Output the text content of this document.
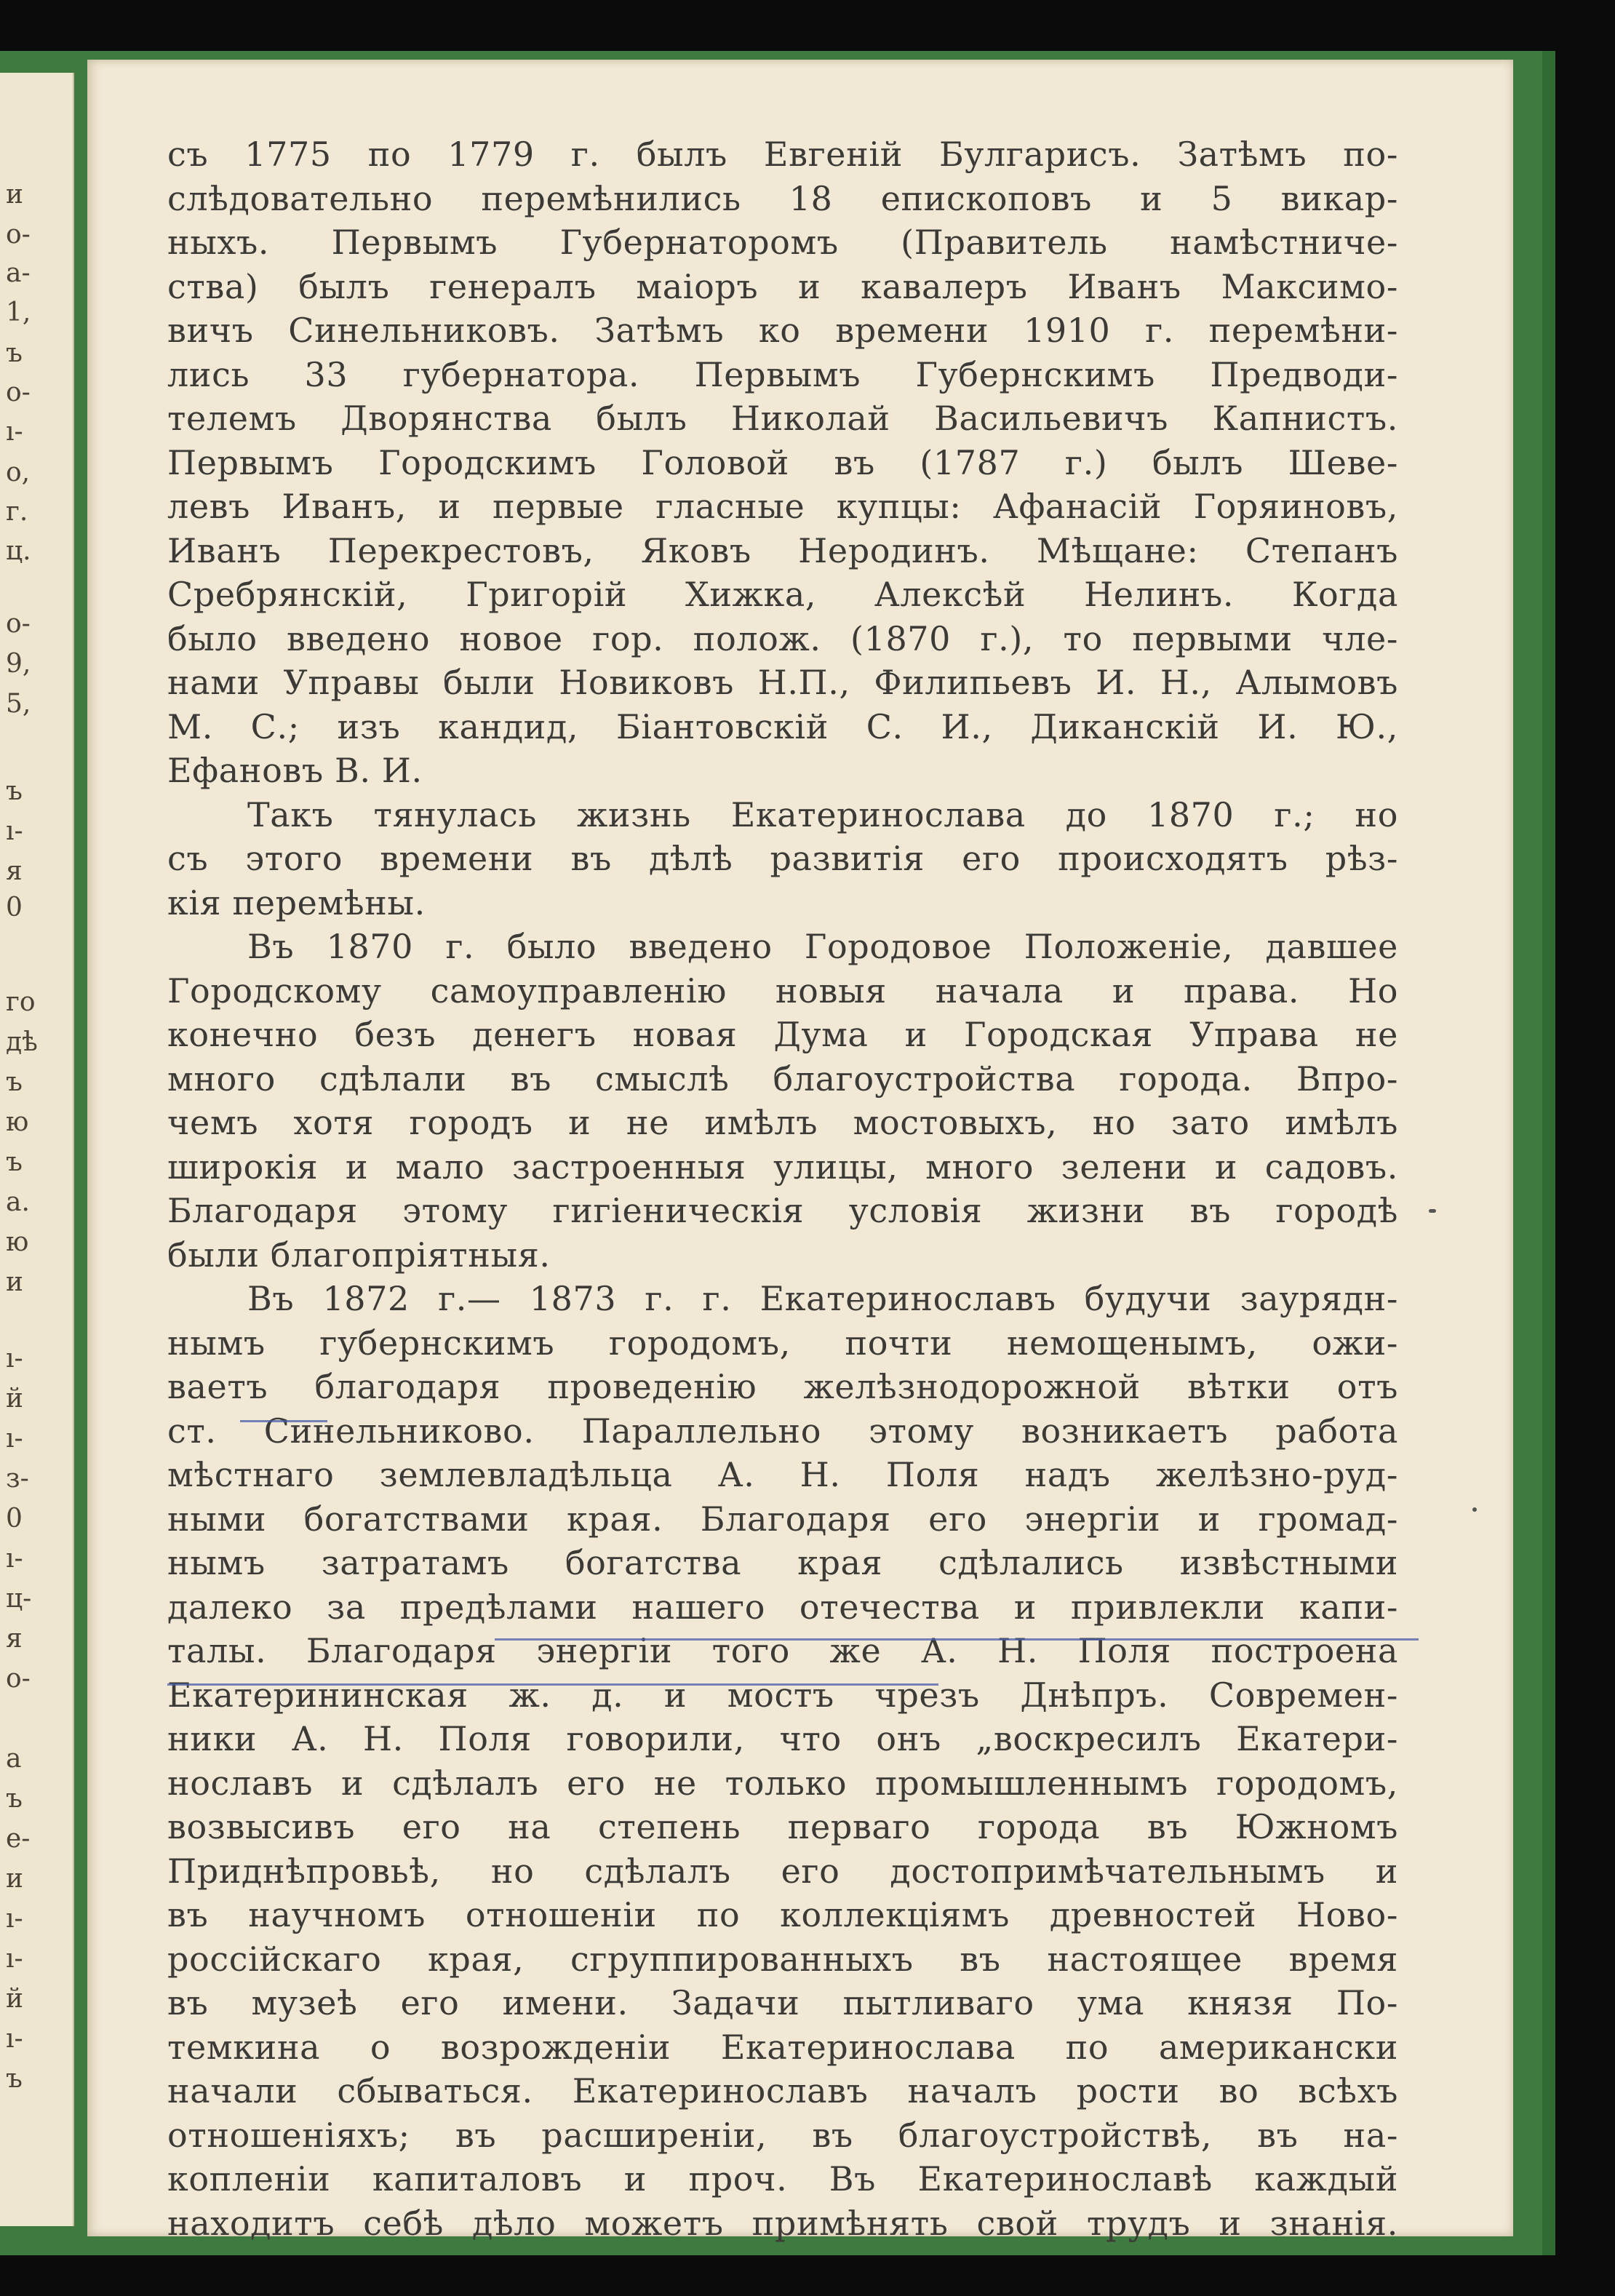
и
о-
а-
1,
ъ
о-
ı-
о,
г.
ц.
о-
9,
5,
ъ
ı-
я
0
го
дѣ
ъ
ю
ъ
а.
ю
и
ı-
й
ı-
з-
0
ı-
ц-
я
о-
а
ъ
е-
и
ı-
ı-
й
ı-
ъ
съ 1775 по 1779 г. былъ Евгеній Булгарисъ. Затѣмъ по-
слѣдовательно перемѣнились 18 епископовъ и 5 викар-
ныхъ. Первымъ Губернаторомъ (Правитель намѣстниче-
ства) былъ генералъ маіоръ и кавалеръ Иванъ Максимо-
вичъ Синельниковъ. Затѣмъ ко времени 1910 г. перемѣни-
лись 33 губернатора. Первымъ Губернскимъ Предводи-
телемъ Дворянства былъ Николай Васильевичъ Капнистъ.
Первымъ Городскимъ Головой въ (1787 г.) былъ Шеве-
левъ Иванъ, и первые гласные купцы: Афанасій Горяиновъ,
Иванъ Перекрестовъ, Яковъ Неродинъ. Мѣщане: Степанъ
Сребрянскій, Григорій Хижка, Алексѣй Нелинъ. Когда
было введено новое гор. полож. (1870 г.), то первыми чле-
нами Управы были Новиковъ Н.П., Филипьевъ И. Н., Алымовъ
М. С.; изъ кандид, Біантовскій С. И., Диканскій И. Ю.,
Ефановъ В. И.
Такъ тянулась жизнь Екатеринослава до 1870 г.; но
съ этого времени въ дѣлѣ развитія его происходятъ рѣз-
кія перемѣны.
Въ 1870 г. было введено Городовое Положеніе, давшее
Городскому самоуправленію новыя начала и права. Но
конечно безъ денегъ новая Дума и Городская Управа не
много сдѣлали въ смыслѣ благоустройства города. Впро-
чемъ хотя городъ и не имѣлъ мостовыхъ, но зато имѣлъ
широкія и мало застроенныя улицы, много зелени и садовъ.
Благодаря этому гигіеническія условія жизни въ городѣ
были благопріятныя.
Въ 1872 г.— 1873 г. г. Екатеринославъ будучи заурядн-
нымъ губернскимъ городомъ, почти немощенымъ, ожи-
ваетъ благодаря проведенію желѣзнодорожной вѣтки отъ
ст. Синельниково. Параллельно этому возникаетъ работа
мѣстнаго землевладѣльца А. Н. Поля надъ желѣзно-руд-
ными богатствами края. Благодаря его энергіи и громад-
нымъ затратамъ богатства края сдѣлались извѣстными
далеко за предѣлами нашего отечества и привлекли капи-
талы. Благодаря энергіи того же А. Н. Поля построена
Екатерининская ж. д. и мостъ чрезъ Днѣпръ. Современ-
ники А. Н. Поля говорили, что онъ „воскресилъ Екатери-
нославъ и сдѣлалъ его не только промышленнымъ городомъ,
возвысивъ его на степень перваго города въ Южномъ
Приднѣпровьѣ, но сдѣлалъ его достопримѣчательнымъ и
въ научномъ отношеніи по коллекціямъ древностей Ново-
россійскаго края, сгруппированныхъ въ настоящее время
въ музеѣ его имени. Задачи пытливаго ума князя По-
темкина о возрожденіи Екатеринослава по американски
начали сбываться. Екатеринославъ началъ рости во всѣхъ
отношеніяхъ; въ расширеніи, въ благоустройствѣ, въ на-
копленіи капиталовъ и проч. Въ Екатеринославѣ каждый
находитъ себѣ дѣло можетъ примѣнять свой трудъ и знанія.
